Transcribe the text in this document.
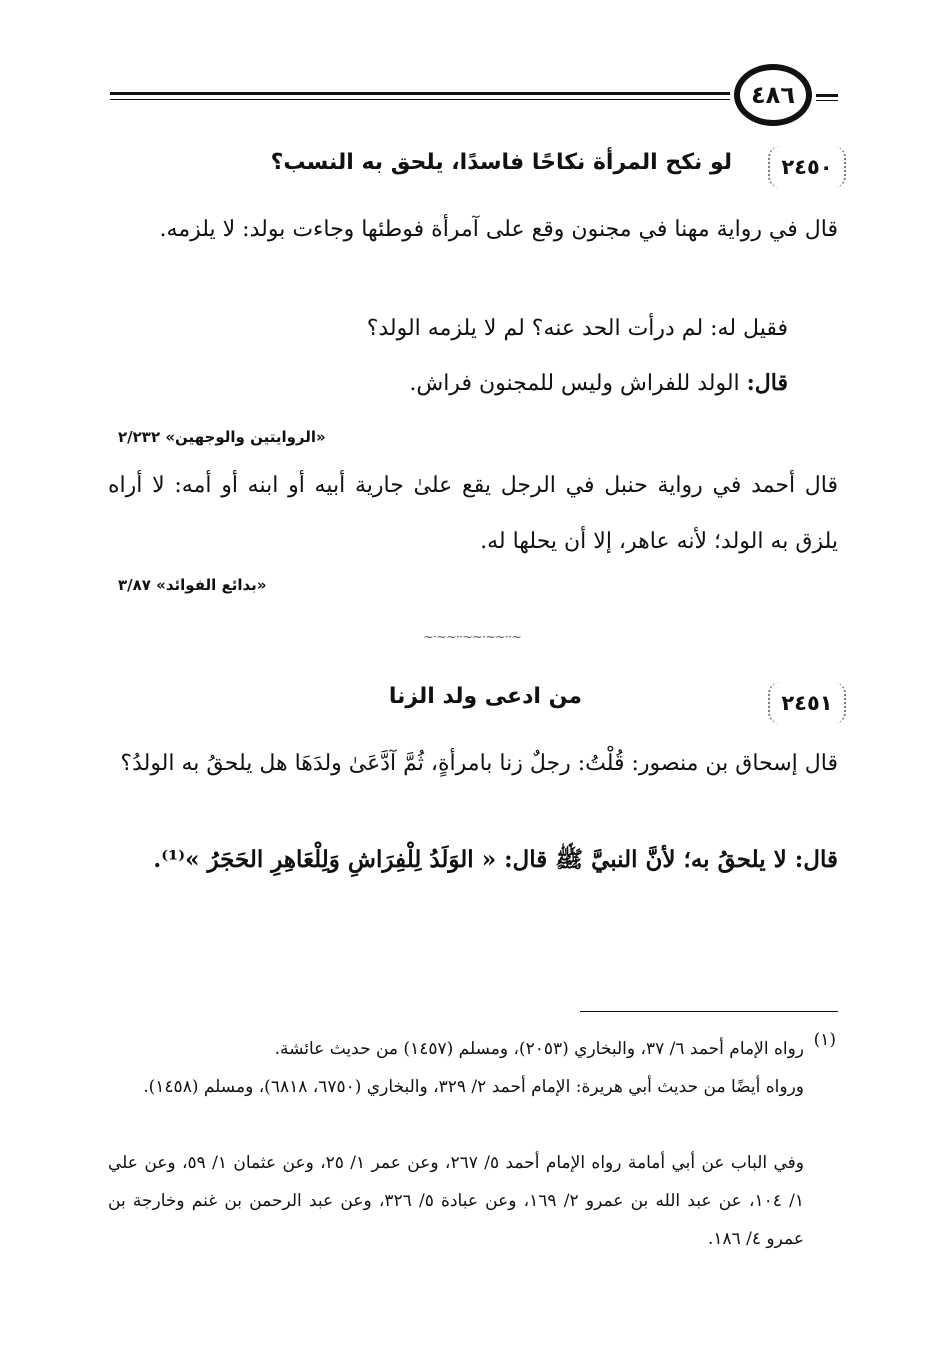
٤٨٦
٢٤٥٠
لو نكح المرأة نكاحًا فاسدًا، يلحق به النسب؟
قال في رواية مهنا في مجنون وقع على آمرأة فوطئها وجاءت بولد: لا يلزمه.
فقيل له: لم درأت الحد عنه؟ لم لا يلزمه الولد؟
قال: الولد للفراش وليس للمجنون فراش.
«الروايتين والوجهين» ٢/٢٣٢
قال أحمد في رواية حنبل في الرجل يقع علىٰ جارية أبيه أو ابنه أو أمه: لا أراه يلزق به الولد؛ لأنه عاهر، إلا أن يحلها له.
«بدائع الفوائد» ٣/٨٧
~·~~··~~·~~··~
٢٤٥١
من ادعى ولد الزنا
قال إسحاق بن منصور: قُلْتُ: رجلٌ زنا بامرأةٍ، ثُمَّ آدَّعَىٰ ولدَهَا هل يلحقُ به الولدُ؟
قال: لا يلحقُ به؛ لأنَّ النبيَّ ﷺ قال: « الوَلَدُ لِلْفِرَاشِ وَلِلْعَاهِرِ الحَجَرُ »⁽¹⁾.
(١)
رواه الإمام أحمد ٦/ ٣٧، والبخاري (٢٠٥٣)، ومسلم (١٤٥٧) من حديث عائشة.
ورواه أيضًا من حديث أبي هريرة: الإمام أحمد ٢/ ٣٢٩، والبخاري (٦٧٥٠، ٦٨١٨)، ومسلم (١٤٥٨).
وفي الباب عن أبي أمامة رواه الإمام أحمد ٥/ ٢٦٧، وعن عمر ١/ ٢٥، وعن عثمان ١/ ٥٩، وعن علي ١/ ١٠٤، عن عبد الله بن عمرو ٢/ ١٦٩، وعن عبادة ٥/ ٣٢٦، وعن عبد الرحمن بن غنم وخارجة بن عمرو ٤/ ١٨٦.
